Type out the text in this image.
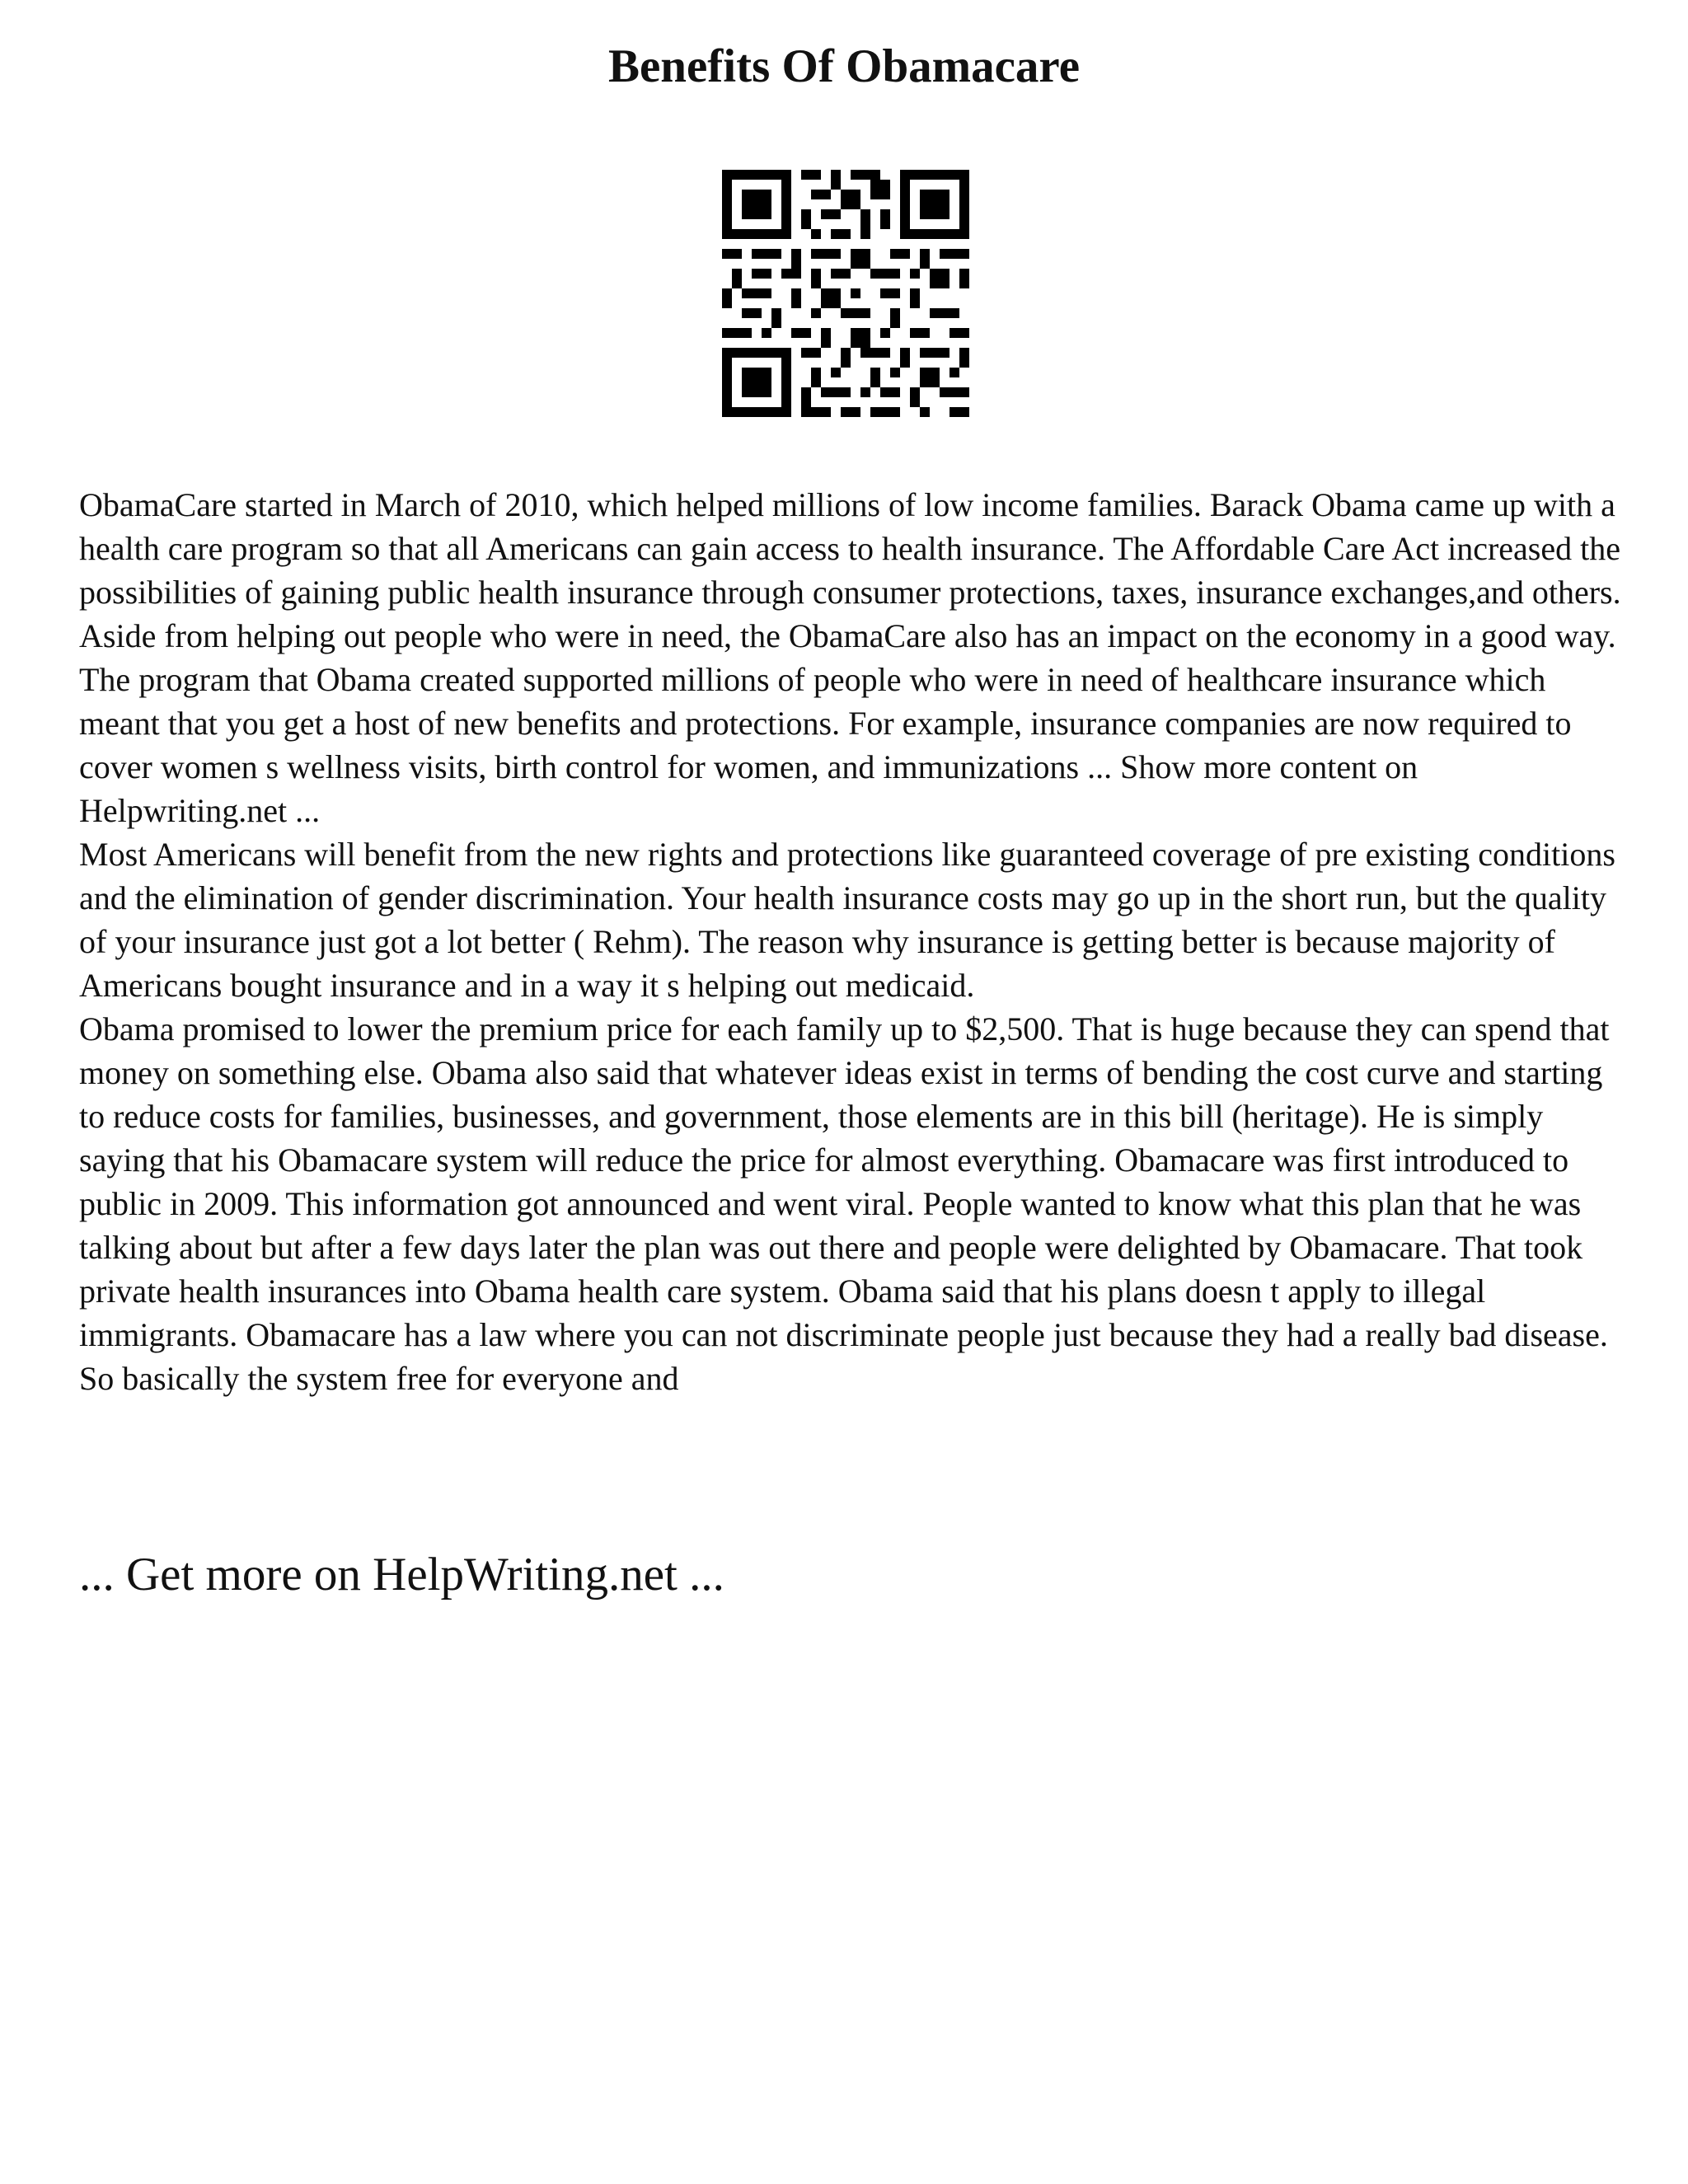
Benefits Of Obamacare

ObamaCare started in March of 2010, which helped millions of low income families. Barack Obama came up with a health care program so that all Americans can gain access to health insurance. The Affordable Care Act increased the possibilities of gaining public health insurance through consumer protections, taxes, insurance exchanges,and others. Aside from helping out people who were in need, the ObamaCare also has an impact on the economy in a good way. The program that Obama created supported millions of people who were in need of healthcare insurance which meant that you get a host of new benefits and protections. For example, insurance companies are now required to cover women s wellness visits, birth control for women, and immunizations ... Show more content on Helpwriting.net ...

Most Americans will benefit from the new rights and protections like guaranteed coverage of pre existing conditions and the elimination of gender discrimination. Your health insurance costs may go up in the short run, but the quality of your insurance just got a lot better ( Rehm). The reason why insurance is getting better is because majority of Americans bought insurance and in a way it s helping out medicaid.

Obama promised to lower the premium price for each family up to $2,500. That is huge because they can spend that money on something else. Obama also said that whatever ideas exist in terms of bending the cost curve and starting to reduce costs for families, businesses, and government, those elements are in this bill (heritage). He is simply saying that his Obamacare system will reduce the price for almost everything. Obamacare was first introduced to public in 2009. This information got announced and went viral. People wanted to know what this plan that he was talking about but after a few days later the plan was out there and people were delighted by Obamacare. That took private health insurances into Obama health care system. Obama said that his plans doesn t apply to illegal immigrants. Obamacare has a law where you can not discriminate people just because they had a really bad disease. So basically the system free for everyone and

... Get more on HelpWriting.net ...
